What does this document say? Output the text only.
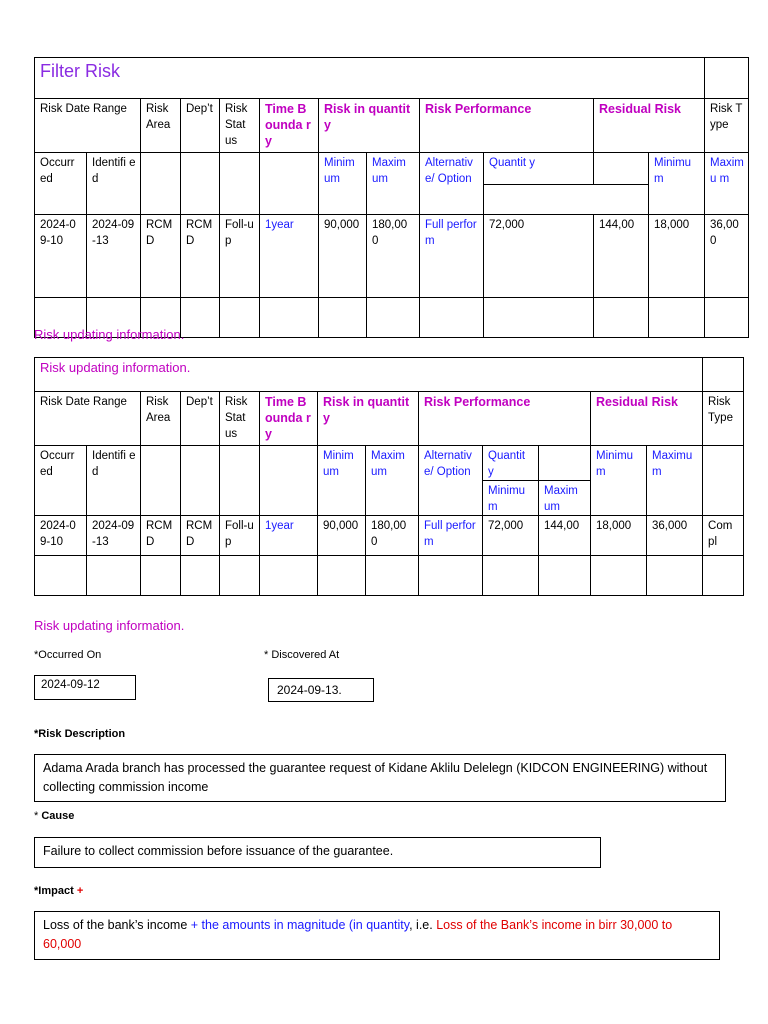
Filter Risk													
Risk Date Range		Risk Area	Dep’t	Risk Stat us	Time Bounda ry	Risk in quantity		Risk Performance		Residual Risk		Risk Type	
Occurr ed	Identifi ed					Minim um	Maxim um	Alternativ e/ Option	Quantit y		Minimu m	Maximu m	

2024-09-10	2024-09-13	RCM D	RCM D	Foll-up	1year	90,000	180,00 0	Full perform	72,000	144,00	18,000	36,000	

Risk updating information.
Risk updating information.													
Risk Date Range		Risk Area	Dep’t	Risk Stat us	Time Bounda ry	Risk in quantity		Risk Performance			Residual Risk		Risk Type
Occurr ed	Identifi ed					Minim um	Maxim um	Alternativ e/ Option	Quantit y		Minimu m	Maximu m	
									Minimu m	Maxim um			
2024-09-10	2024-09-13	RCM D	RCM D	Foll-up	1year	90,000	180,00 0	Full perform	72,000	144,00	18,000	36,000	Com pl

Risk updating information.
*Occurred On	* Discovered At
2024-09-12	2024-09-13.
*Risk Description
Adama Arada branch has processed the guarantee request of Kidane Aklilu Delelegn (KIDCON ENGINEERING) without collecting commission income
* Cause
Failure to collect commission before issuance of the guarantee.
*Impact +
Loss of the bank’s income + the amounts in magnitude (in quantity, i.e. Loss of the Bank’s income in birr 30,000 to 60,000
